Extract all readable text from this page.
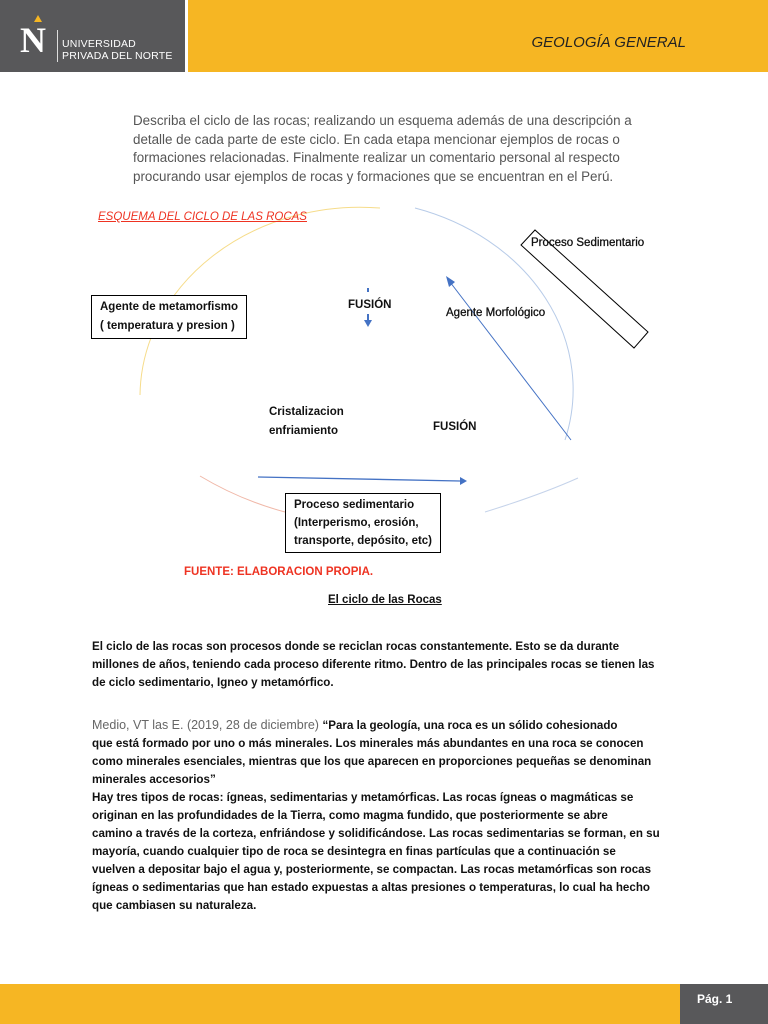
N UNIVERSIDAD
PRIVADA DEL NORTE
GEOLOGÍA GENERAL
Describa el ciclo de las rocas; realizando un esquema además de una descripción a
detalle de cada parte de este ciclo. En cada etapa mencionar ejemplos de rocas o
formaciones relacionadas. Finalmente realizar un comentario personal al respecto
procurando usar ejemplos de rocas y formaciones que se encuentran en el Perú.
ESQUEMA DEL CICLO DE LAS ROCAS
Agente de metamorfismo
( temperatura y presion )
FUSIÓN
Agente Morfológico
Proceso Sedimentario
Cristalizacion
enfriamiento	FUSIÓN
Proceso sedimentario
(Interperismo, erosión,
transporte, depósito, etc)
FUENTE: ELABORACION PROPIA.
El ciclo de las Rocas
El ciclo de las rocas son procesos donde se reciclan rocas constantemente. Esto se da durante
millones de años, teniendo cada proceso diferente ritmo. Dentro de las principales rocas se tienen las
de ciclo sedimentario, Igneo y metamórfico.
Medio, VT las E. (2019, 28 de diciembre) “Para la geología, una roca es un sólido cohesionado
que está formado por uno o más minerales. Los minerales más abundantes en una roca se conocen
como minerales esenciales, mientras que los que aparecen en proporciones pequeñas se denominan
minerales accesorios”
Hay tres tipos de rocas: ígneas, sedimentarias y metamórficas. Las rocas ígneas o magmáticas se
originan en las profundidades de la Tierra, como magma fundido, que posteriormente se abre
camino a través de la corteza, enfriándose y solidificándose. Las rocas sedimentarias se forman, en su
mayoría, cuando cualquier tipo de roca se desintegra en finas partículas que a continuación se
vuelven a depositar bajo el agua y, posteriormente, se compactan. Las rocas metamórficas son rocas
ígneas o sedimentarias que han estado expuestas a altas presiones o temperaturas, lo cual ha hecho
que cambiasen su naturaleza.
Pág. 1
